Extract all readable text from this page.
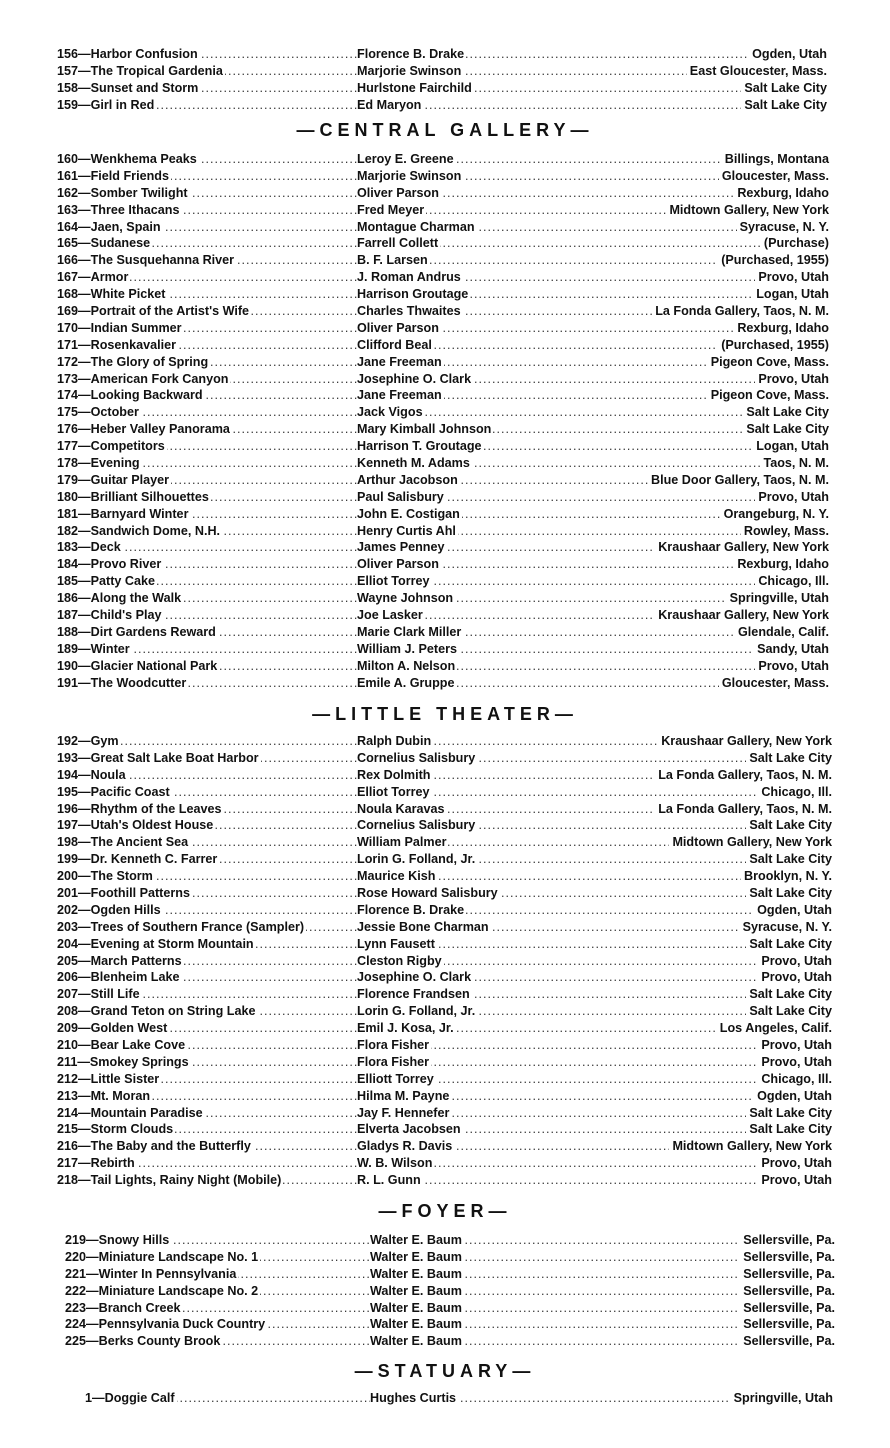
.....
156—Harbor Confusion .....	Florence B. Drake	Ogden, Utah
.....
157—The Tropical Gardenia .....	Marjorie Swinson	East Gloucester, Mass.
.....
158—Sunset and Storm .....	Hurlstone Fairchild	Salt Lake City
.....
159—Girl in Red .....	Ed Maryon	Salt Lake City
—CENTRAL GALLERY—
.....
160—Wenkhema Peaks .....	Leroy E. Greene	Billings, Montana
.....
161—Field Friends .....	Marjorie Swinson	Gloucester, Mass.
.....
162—Somber Twilight .....	Oliver Parson	Rexburg, Idaho
.....
163—Three Ithacans .....	Fred Meyer	Midtown Gallery, New York
.....
164—Jaen, Spain .....	Montague Charman	Syracuse, N. Y.
.....
165—Sudanese .....	Farrell Collett	(Purchase)
.....
166—The Susquehanna River .....	B. F. Larsen	(Purchased, 1955)
.....
167—Armor .....	J. Roman Andrus	Provo, Utah
.....
168—White Picket .....	Harrison Groutage	Logan, Utah
.....
169—Portrait of the Artist's Wife .....	Charles Thwaites	La Fonda Gallery, Taos, N. M.
.....
170—Indian Summer .....	Oliver Parson	Rexburg, Idaho
.....
171—Rosenkavalier .....	Clifford Beal	(Purchased, 1955)
.....
172—The Glory of Spring .....	Jane Freeman	Pigeon Cove, Mass.
.....
173—American Fork Canyon .....	Josephine O. Clark	Provo, Utah
.....
174—Looking Backward .....	Jane Freeman	Pigeon Cove, Mass.
.....
175—October .....	Jack Vigos	Salt Lake City
.....
176—Heber Valley Panorama .....	Mary Kimball Johnson	Salt Lake City
.....
177—Competitors .....	Harrison T. Groutage	Logan, Utah
.....
178—Evening .....	Kenneth M. Adams	Taos, N. M.
.....
179—Guitar Player .....	Arthur Jacobson	Blue Door Gallery, Taos, N. M.
.....
180—Brilliant Silhouettes .....	Paul Salisbury	Provo, Utah
.....
181—Barnyard Winter .....	John E. Costigan	Orangeburg, N. Y.
.....
182—Sandwich Dome, N.H. .....	Henry Curtis Ahl	Rowley, Mass.
.....
183—Deck .....	James Penney	Kraushaar Gallery, New York
.....
184—Provo River .....	Oliver Parson	Rexburg, Idaho
.....
185—Patty Cake .....	Elliot Torrey	Chicago, Ill.
.....
186—Along the Walk .....	Wayne Johnson	Springville, Utah
.....
187—Child's Play .....	Joe Lasker	Kraushaar Gallery, New York
.....
188—Dirt Gardens Reward .....	Marie Clark Miller	Glendale, Calif.
.....
189—Winter .....	William J. Peters	Sandy, Utah
.....
190—Glacier National Park .....	Milton A. Nelson	Provo, Utah
.....
191—The Woodcutter .....	Emile A. Gruppe	Gloucester, Mass.
—LITTLE THEATER—
.....
192—Gym .....	Ralph Dubin	Kraushaar Gallery, New York
.....
193—Great Salt Lake Boat Harbor .....	Cornelius Salisbury	Salt Lake City
.....
194—Noula .....	Rex Dolmith	La Fonda Gallery, Taos, N. M.
.....
195—Pacific Coast .....	Elliot Torrey	Chicago, Ill.
.....
196—Rhythm of the Leaves .....	Noula Karavas	La Fonda Gallery, Taos, N. M.
.....
197—Utah's Oldest House .....	Cornelius Salisbury	Salt Lake City
.....
198—The Ancient Sea .....	William Palmer	Midtown Gallery, New York
.....
199—Dr. Kenneth C. Farrer .....	Lorin G. Folland, Jr.	Salt Lake City
.....
200—The Storm .....	Maurice Kish	Brooklyn, N. Y.
.....
201—Foothill Patterns .....	Rose Howard Salisbury	Salt Lake City
.....
202—Ogden Hills .....	Florence B. Drake	Ogden, Utah
.....
203—Trees of Southern France (Sampler) .....	Jessie Bone Charman	Syracuse, N. Y.
.....
204—Evening at Storm Mountain .....	Lynn Fausett	Salt Lake City
.....
205—March Patterns .....	Cleston Rigby	Provo, Utah
.....
206—Blenheim Lake .....	Josephine O. Clark	Provo, Utah
.....
207—Still Life .....	Florence Frandsen	Salt Lake City
.....
208—Grand Teton on String Lake .....	Lorin G. Folland, Jr.	Salt Lake City
.....
209—Golden West .....	Emil J. Kosa, Jr.	Los Angeles, Calif.
.....
210—Bear Lake Cove .....	Flora Fisher	Provo, Utah
.....
211—Smokey Springs .....	Flora Fisher	Provo, Utah
.....
212—Little Sister .....	Elliott Torrey	Chicago, Ill.
.....
213—Mt. Moran .....	Hilma M. Payne	Ogden, Utah
.....
214—Mountain Paradise .....	Jay F. Hennefer	Salt Lake City
.....
215—Storm Clouds .....	Elverta Jacobsen	Salt Lake City
.....
216—The Baby and the Butterfly .....	Gladys R. Davis	Midtown Gallery, New York
.....
217—Rebirth .....	W. B. Wilson	Provo, Utah
.....
218—Tail Lights, Rainy Night (Mobile) .....	R. L. Gunn	Provo, Utah
—FOYER—
.....
219—Snowy Hills .....	Walter E. Baum	Sellersville, Pa.
.....
220—Miniature Landscape No. 1 .....	Walter E. Baum	Sellersville, Pa.
.....
221—Winter In Pennsylvania .....	Walter E. Baum	Sellersville, Pa.
.....
222—Miniature Landscape No. 2 .....	Walter E. Baum	Sellersville, Pa.
.....
223—Branch Creek .....	Walter E. Baum	Sellersville, Pa.
.....
224—Pennsylvania Duck Country .....	Walter E. Baum	Sellersville, Pa.
.....
225—Berks County Brook .....	Walter E. Baum	Sellersville, Pa.
—STATUARY—
.....
1—Doggie Calf .....	Hughes Curtis	Springville, Utah
